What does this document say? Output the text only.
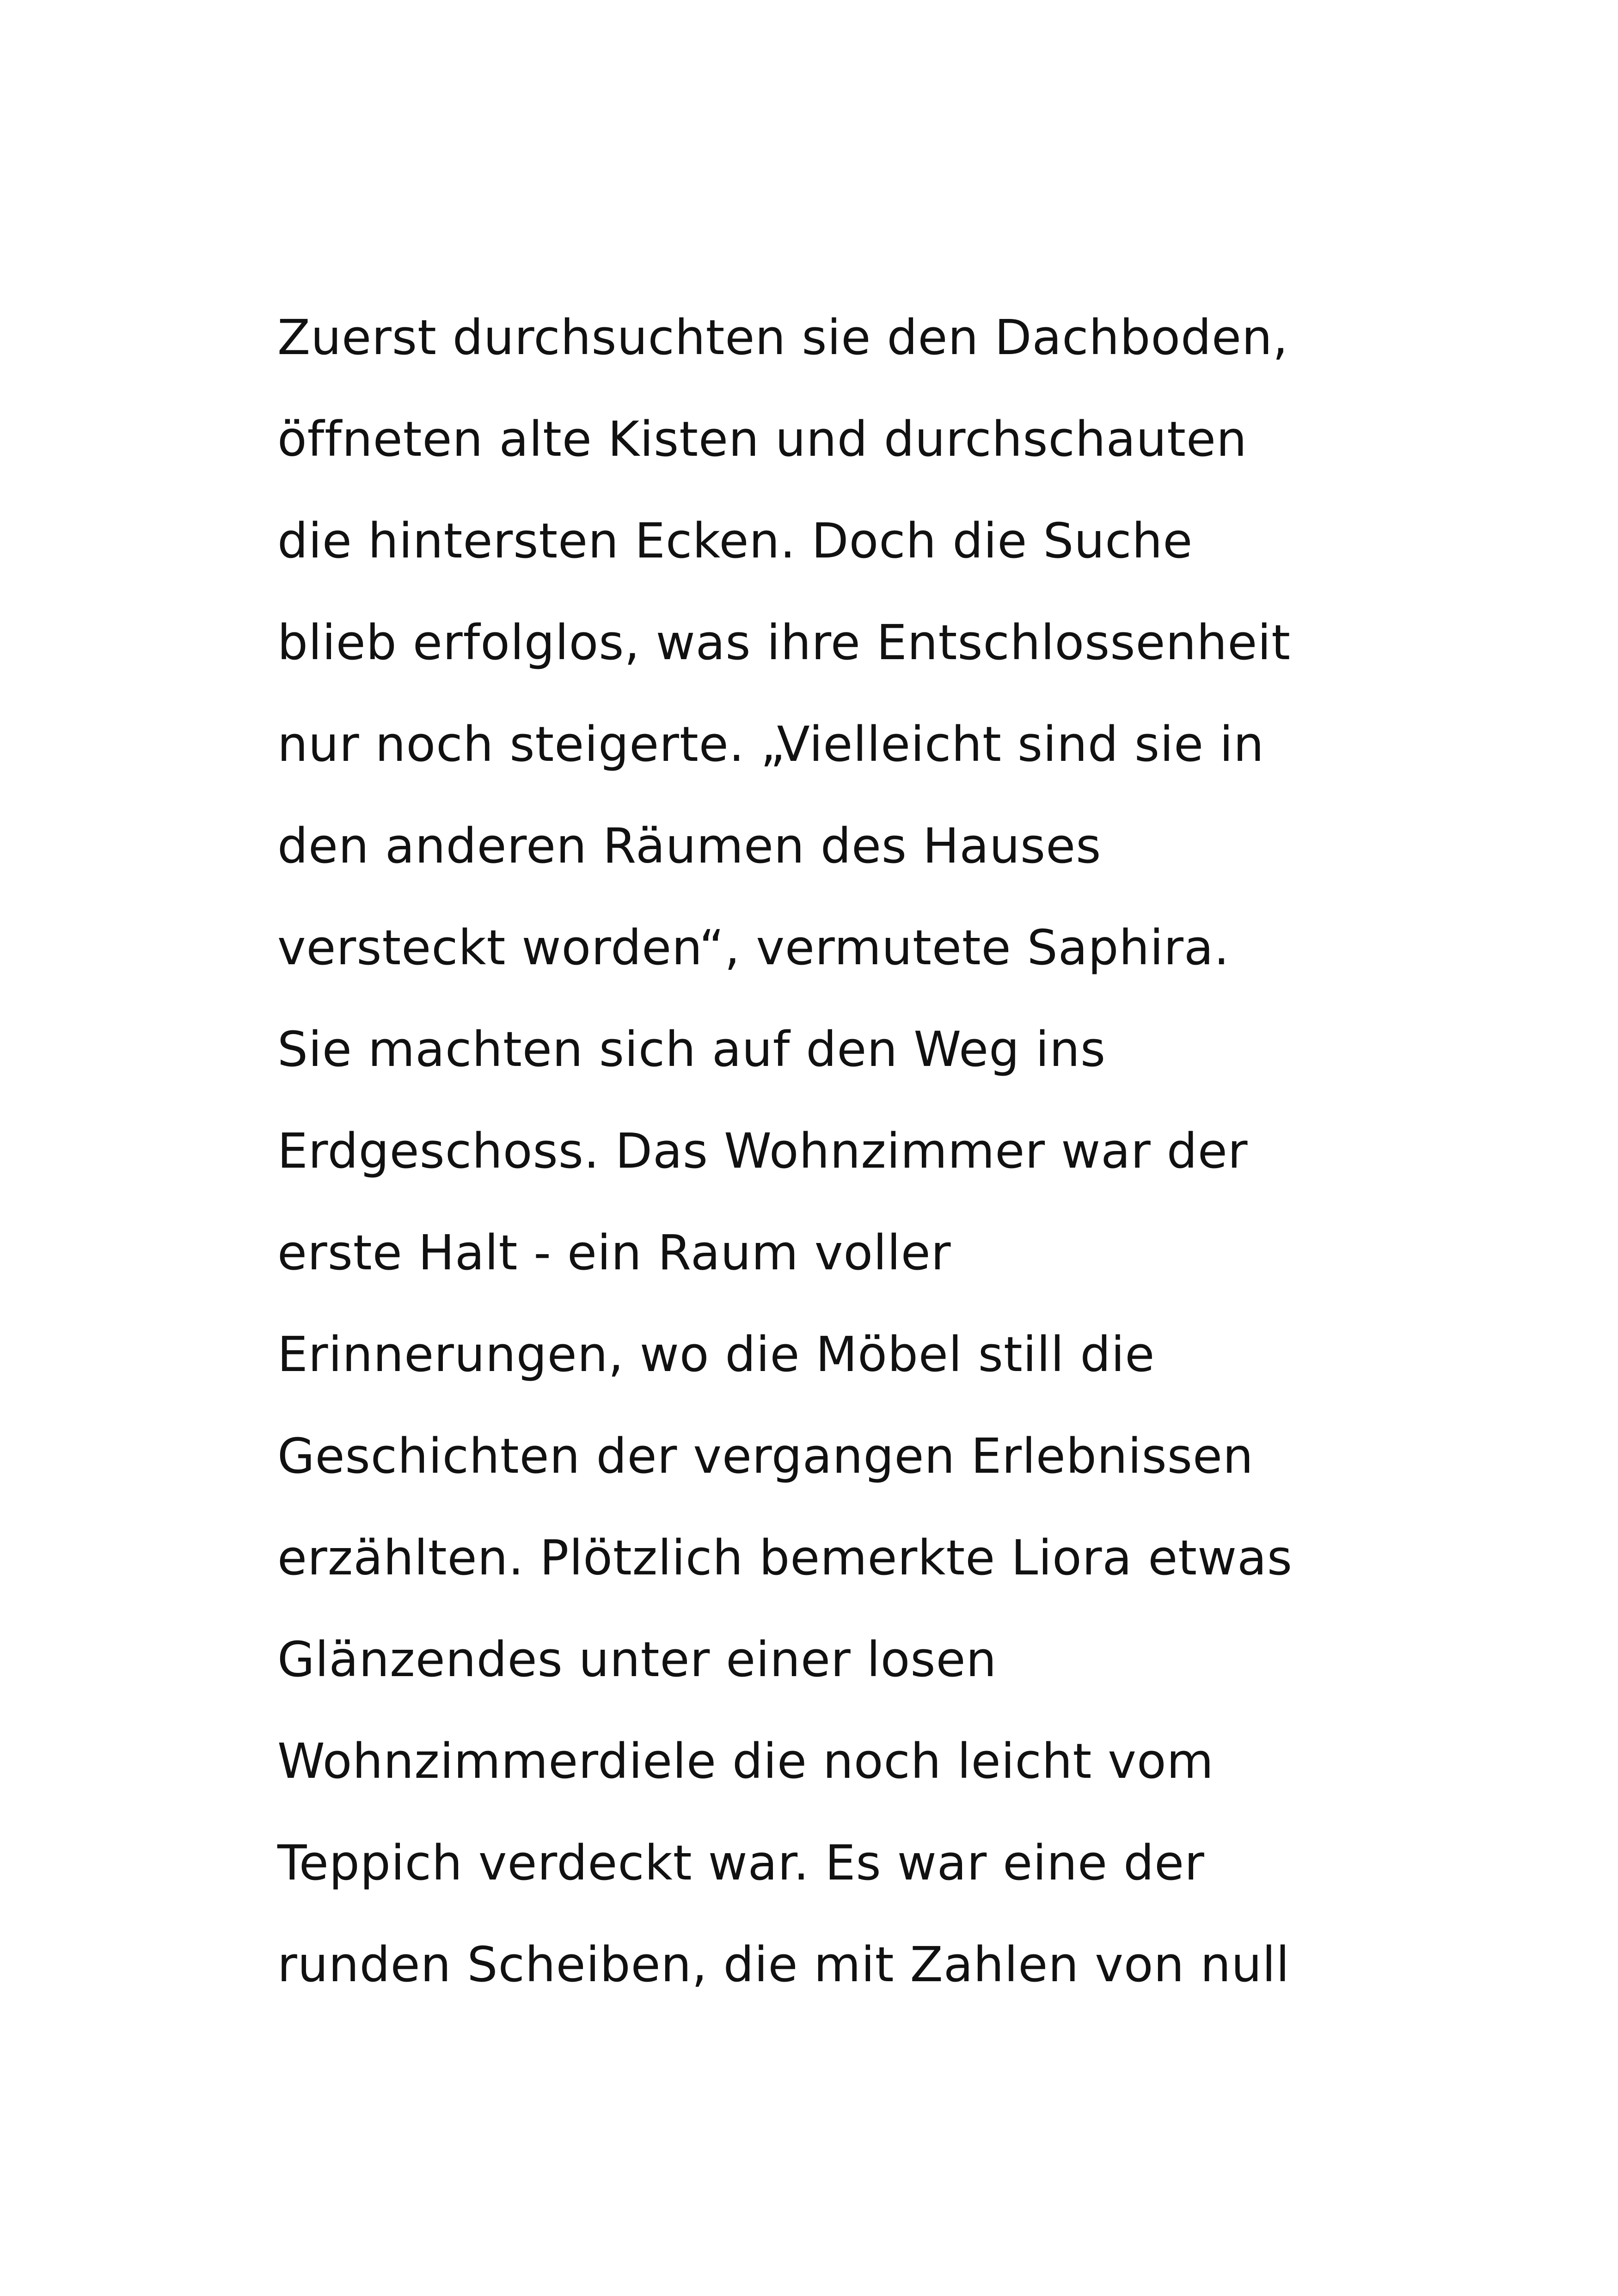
Zuerst durchsuchten sie den Dachboden,
öffneten alte Kisten und durchschauten
die hintersten Ecken. Doch die Suche
blieb erfolglos, was ihre Entschlossenheit
nur noch steigerte. „Vielleicht sind sie in
den anderen Räumen des Hauses
versteckt worden“, vermutete Saphira.
Sie machten sich auf den Weg ins
Erdgeschoss. Das Wohnzimmer war der
erste Halt - ein Raum voller
Erinnerungen, wo die Möbel still die
Geschichten der vergangen Erlebnissen
erzählten. Plötzlich bemerkte Liora etwas
Glänzendes unter einer losen
Wohnzimmerdiele die noch leicht vom
Teppich verdeckt war. Es war eine der
runden Scheiben, die mit Zahlen von null
